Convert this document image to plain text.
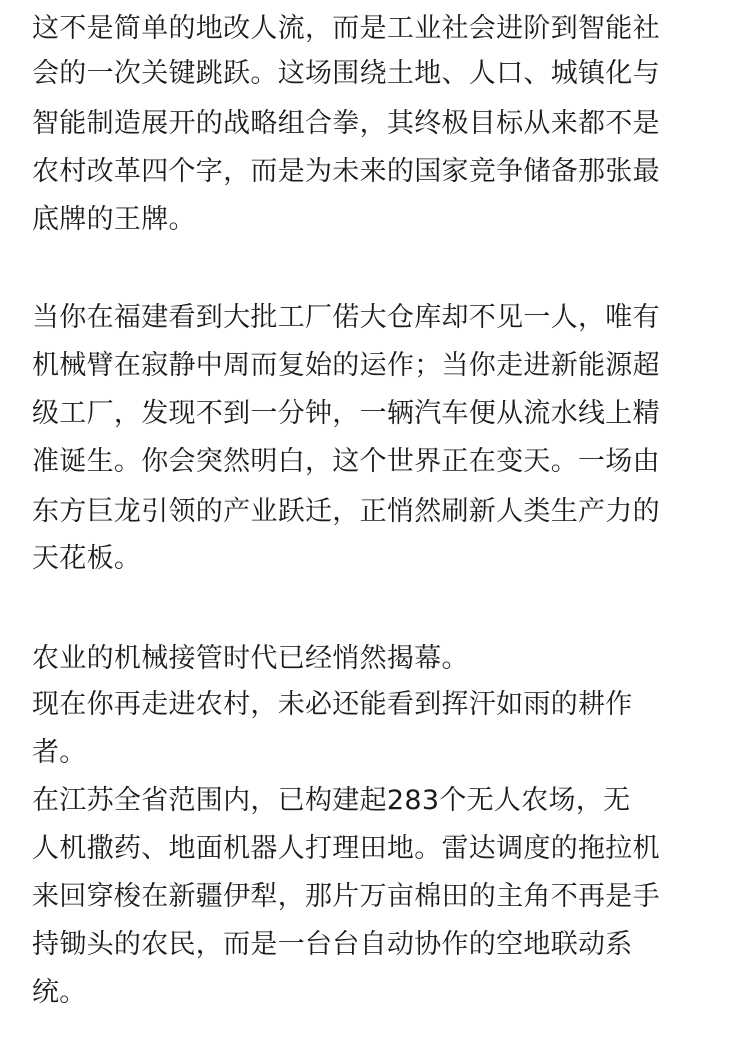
这不是简单的地改人流，而是工业社会进阶到智能社
会的一次关键跳跃。这场围绕土地、人口、城镇化与
智能制造展开的战略组合拳，其终极目标从来都不是
农村改革四个字，而是为未来的国家竞争储备那张最
底牌的王牌。
当你在福建看到大批工厂偌大仓库却不见一人，唯有
机械臂在寂静中周而复始的运作；当你走进新能源超
级工厂，发现不到一分钟，一辆汽车便从流水线上精
准诞生。你会突然明白，这个世界正在变天。一场由
东方巨龙引领的产业跃迁，正悄然刷新人类生产力的
天花板。
农业的机械接管时代已经悄然揭幕。
现在你再走进农村，未必还能看到挥汗如雨的耕作
者。
在江苏全省范围内，已构建起283个无人农场，无
人机撒药、地面机器人打理田地。雷达调度的拖拉机
来回穿梭在新疆伊犁，那片万亩棉田的主角不再是手
持锄头的农民，而是一台台自动协作的空地联动系
统。
